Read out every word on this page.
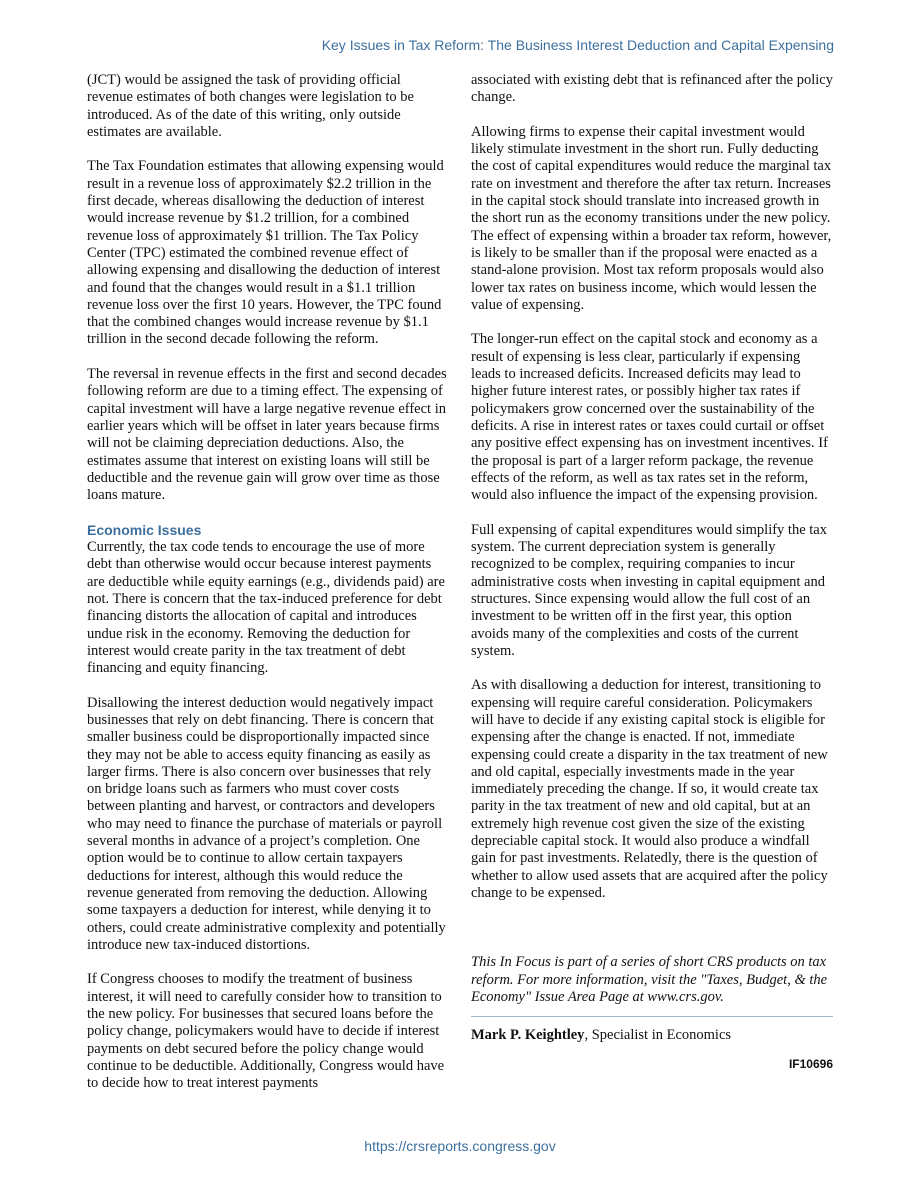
Key Issues in Tax Reform: The Business Interest Deduction and Capital Expensing

(JCT) would be assigned the task of providing official revenue estimates of both changes were legislation to be introduced. As of the date of this writing, only outside estimates are available.

The Tax Foundation estimates that allowing expensing would result in a revenue loss of approximately $2.2 trillion in the first decade, whereas disallowing the deduction of interest would increase revenue by $1.2 trillion, for a combined revenue loss of approximately $1 trillion. The Tax Policy Center (TPC) estimated the combined revenue effect of allowing expensing and disallowing the deduction of interest and found that the changes would result in a $1.1 trillion revenue loss over the first 10 years. However, the TPC found that the combined changes would increase revenue by $1.1 trillion in the second decade following the reform.

The reversal in revenue effects in the first and second decades following reform are due to a timing effect. The expensing of capital investment will have a large negative revenue effect in earlier years which will be offset in later years because firms will not be claiming depreciation deductions. Also, the estimates assume that interest on existing loans will still be deductible and the revenue gain will grow over time as those loans mature.

Economic Issues

Currently, the tax code tends to encourage the use of more debt than otherwise would occur because interest payments are deductible while equity earnings (e.g., dividends paid) are not. There is concern that the tax-induced preference for debt financing distorts the allocation of capital and introduces undue risk in the economy. Removing the deduction for interest would create parity in the tax treatment of debt financing and equity financing.

Disallowing the interest deduction would negatively impact businesses that rely on debt financing. There is concern that smaller business could be disproportionally impacted since they may not be able to access equity financing as easily as larger firms. There is also concern over businesses that rely on bridge loans such as farmers who must cover costs between planting and harvest, or contractors and developers who may need to finance the purchase of materials or payroll several months in advance of a project’s completion. One option would be to continue to allow certain taxpayers deductions for interest, although this would reduce the revenue generated from removing the deduction. Allowing some taxpayers a deduction for interest, while denying it to others, could create administrative complexity and potentially introduce new tax-induced distortions.

If Congress chooses to modify the treatment of business interest, it will need to carefully consider how to transition to the new policy. For businesses that secured loans before the policy change, policymakers would have to decide if interest payments on debt secured before the policy change would continue to be deductible. Additionally, Congress would have to decide how to treat interest payments

associated with existing debt that is refinanced after the policy change.

Allowing firms to expense their capital investment would likely stimulate investment in the short run. Fully deducting the cost of capital expenditures would reduce the marginal tax rate on investment and therefore the after tax return. Increases in the capital stock should translate into increased growth in the short run as the economy transitions under the new policy. The effect of expensing within a broader tax reform, however, is likely to be smaller than if the proposal were enacted as a stand-alone provision. Most tax reform proposals would also lower tax rates on business income, which would lessen the value of expensing.

The longer-run effect on the capital stock and economy as a result of expensing is less clear, particularly if expensing leads to increased deficits. Increased deficits may lead to higher future interest rates, or possibly higher tax rates if policymakers grow concerned over the sustainability of the deficits. A rise in interest rates or taxes could curtail or offset any positive effect expensing has on investment incentives. If the proposal is part of a larger reform package, the revenue effects of the reform, as well as tax rates set in the reform, would also influence the impact of the expensing provision.

Full expensing of capital expenditures would simplify the tax system. The current depreciation system is generally recognized to be complex, requiring companies to incur administrative costs when investing in capital equipment and structures. Since expensing would allow the full cost of an investment to be written off in the first year, this option avoids many of the complexities and costs of the current system.

As with disallowing a deduction for interest, transitioning to expensing will require careful consideration. Policymakers will have to decide if any existing capital stock is eligible for expensing after the change is enacted. If not, immediate expensing could create a disparity in the tax treatment of new and old capital, especially investments made in the year immediately preceding the change. If so, it would create tax parity in the tax treatment of new and old capital, but at an extremely high revenue cost given the size of the existing depreciable capital stock. It would also produce a windfall gain for past investments. Relatedly, there is the question of whether to allow used assets that are acquired after the policy change to be expensed.

This In Focus is part of a series of short CRS products on tax reform. For more information, visit the "Taxes, Budget, & the Economy" Issue Area Page at www.crs.gov.

Mark P. Keightley, Specialist in Economics

IF10696
https://crsreports.congress.gov
